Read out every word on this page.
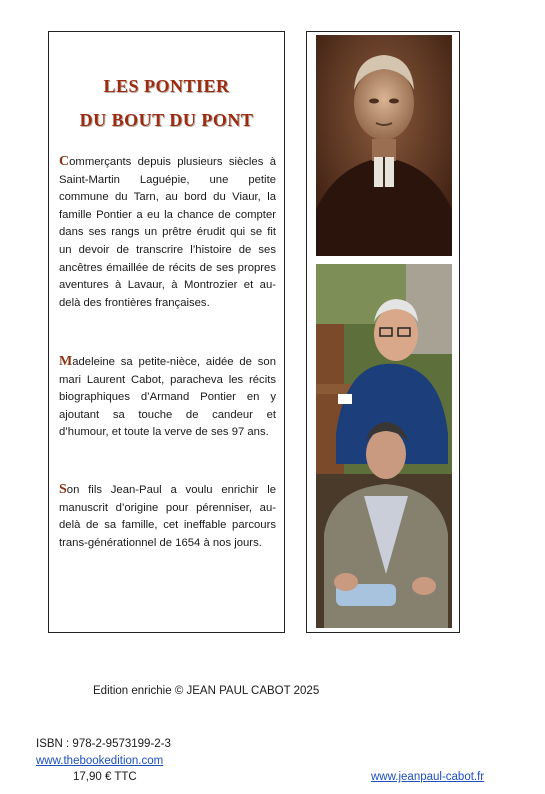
LES PONTIER
DU BOUT DU PONT

Commerçants depuis plusieurs siècles à Saint-Martin Laguépie, une petite commune du Tarn, au bord du Viaur, la famille Pontier a eu la chance de compter dans ses rangs un prêtre érudit qui se fit un devoir de transcrire l’histoire de ses ancêtres émaillée de récits de ses propres aventures à Lavaur, à Montrozier et au-delà des frontières françaises.

Madeleine sa petite-nièce, aidée de son mari Laurent Cabot, paracheva les récits biographiques d’Armand Pontier en y ajoutant sa touche de candeur et d’humour, et toute la verve de ses 97 ans.

Son fils Jean-Paul a voulu enrichir le manuscrit d’origine pour pérenniser, au-delà de sa famille, cet ineffable parcours trans-générationnel de 1654 à nos jours.

Edition enrichie © JEAN PAUL CABOT 2025
ISBN : 978-2-9573199-2-3
www.thebookedition.com
17,90 € TTC	www.jeanpaul-cabot.fr
